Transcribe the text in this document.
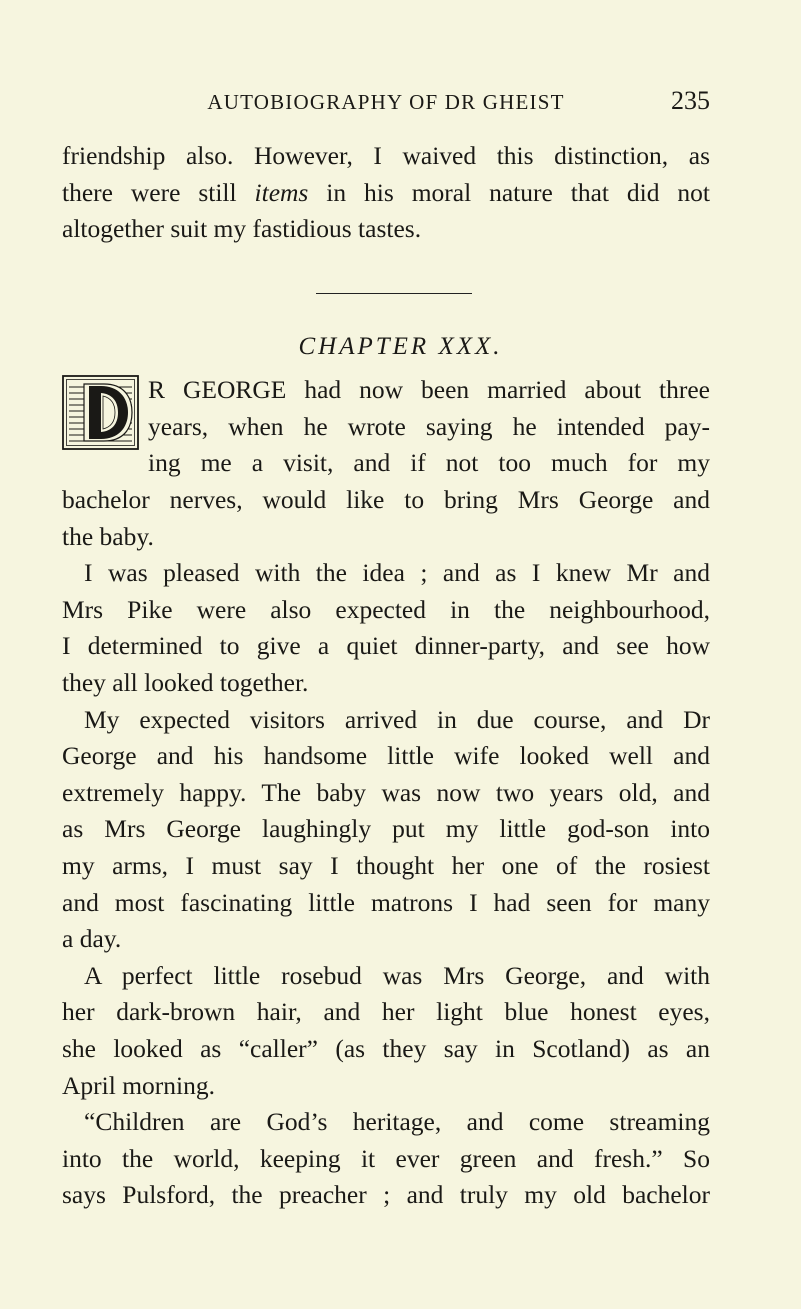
AUTOBIOGRAPHY OF DR GHEIST	235
friendship also. However, I waived this distinction, as
there were still items in his moral nature that did not
altogether suit my fastidious tastes.
CHAPTER XXX.
R GEORGE had now been married about three
years, when he wrote saying he intended pay-
ing me a visit, and if not too much for my
bachelor nerves, would like to bring Mrs George and
the baby.
I was pleased with the idea ; and as I knew Mr and
Mrs Pike were also expected in the neighbourhood,
I determined to give a quiet dinner-party, and see how
they all looked together.
My expected visitors arrived in due course, and Dr
George and his handsome little wife looked well and
extremely happy. The baby was now two years old, and
as Mrs George laughingly put my little god-son into
my arms, I must say I thought her one of the rosiest
and most fascinating little matrons I had seen for many
a day.
A perfect little rosebud was Mrs George, and with
her dark-brown hair, and her light blue honest eyes,
she looked as “caller” (as they say in Scotland) as an
April morning.
“Children are God’s heritage, and come streaming
into the world, keeping it ever green and fresh.” So
says Pulsford, the preacher ; and truly my old bachelor
